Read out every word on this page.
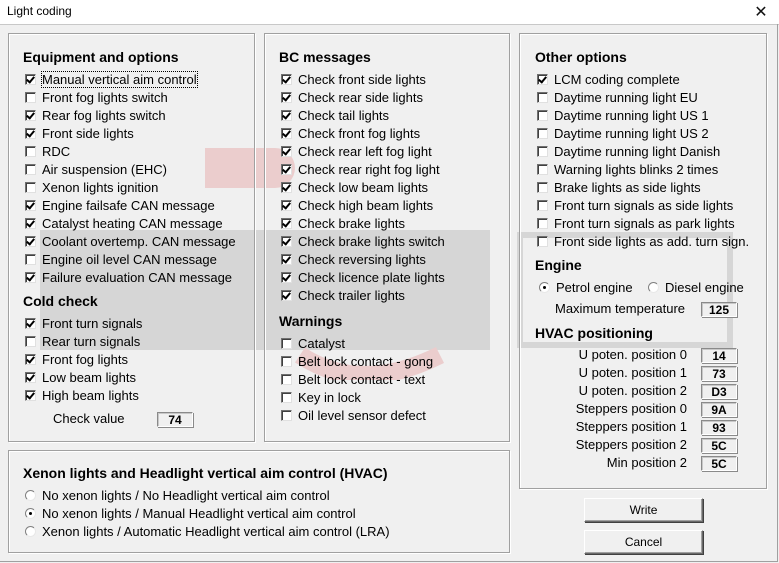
Light coding	✕
Equipment and options
Manual vertical aim control
Front fog lights switch
Rear fog lights switch
Front side lights
RDC
Air suspension (EHC)
Xenon lights ignition
Engine failsafe CAN message
Catalyst heating CAN message
Coolant overtemp. CAN message
Engine oil level CAN message
Failure evaluation CAN message
Cold check
Front turn signals
Rear turn signals
Front fog lights
Low beam lights
High beam lights
Check value	74
BC messages
Check front side lights
Check rear side lights
Check tail lights
Check front fog lights
Check rear left fog light
Check rear right fog light
Check low beam lights
Check high beam lights
Check brake lights
Check brake lights switch
Check reversing lights
Check licence plate lights
Check trailer lights
Warnings
Catalyst
Belt lock contact - gong
Belt lock contact - text
Key in lock
Oil level sensor defect
Other options
LCM coding complete
Daytime running light EU
Daytime running light US 1
Daytime running light US 2
Daytime running light Danish
Warning lights blinks 2 times
Brake lights as side lights
Front turn signals as side lights
Front turn signals as park lights
Front side lights as add. turn sign.
Engine
Petrol engine Diesel engine
Maximum temperature	125
HVAC positioning
U poten. position 0	14
U poten. position 1	73
U poten. position 2	D3
Steppers position 0	9A
Steppers position 1	93
Steppers position 2	5C
Min position 2	5C
Xenon lights and Headlight vertical aim control (HVAC)
No xenon lights / No Headlight vertical aim control
No xenon lights / Manual Headlight vertical aim control
Xenon lights / Automatic Headlight vertical aim control (LRA)
Write
Cancel
